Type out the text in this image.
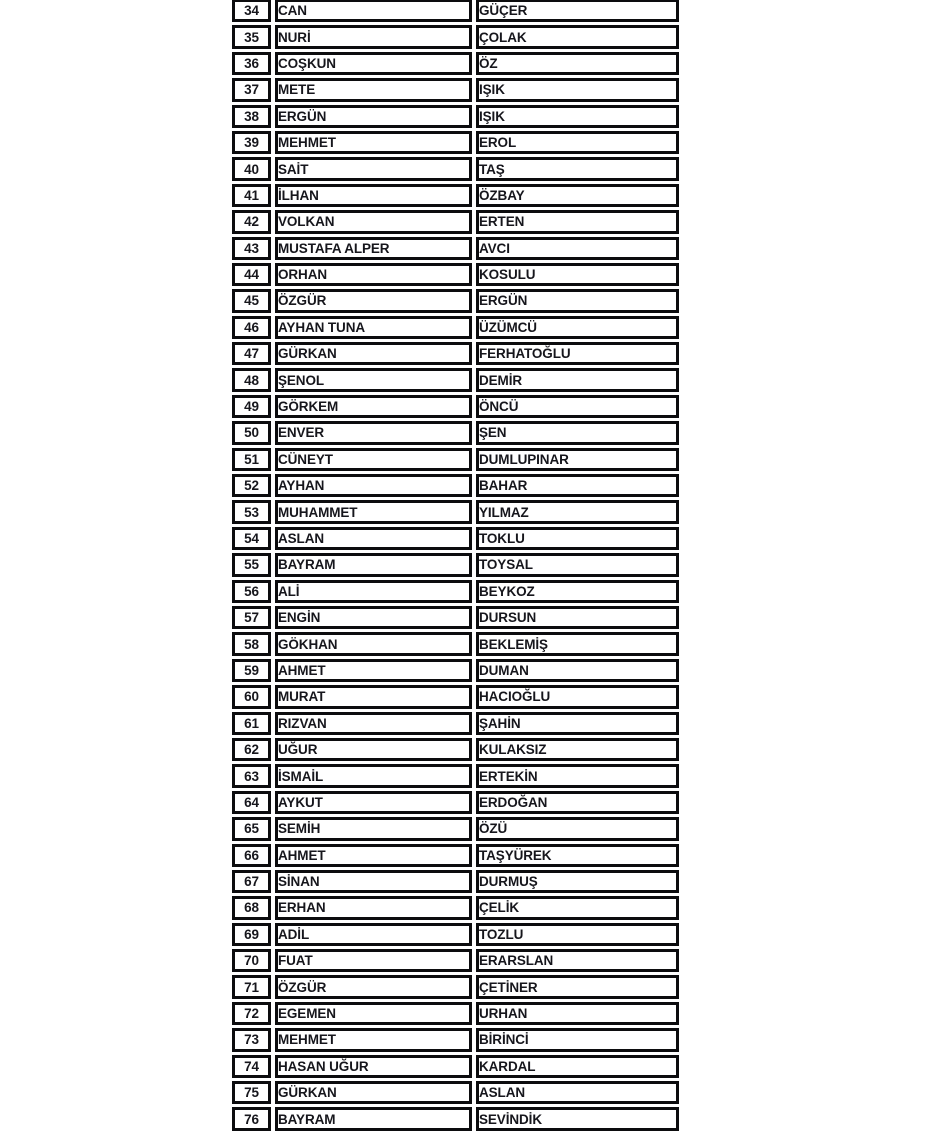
34	CAN	GÜÇER
35	NURİ	ÇOLAK
36	COŞKUN	ÖZ
37	METE	IŞIK
38	ERGÜN	IŞIK
39	MEHMET	EROL
40	SAİT	TAŞ
41	İLHAN	ÖZBAY
42	VOLKAN	ERTEN
43	MUSTAFA ALPER	AVCI
44	ORHAN	KOSULU
45	ÖZGÜR	ERGÜN
46	AYHAN TUNA	ÜZÜMCÜ
47	GÜRKAN	FERHATOĞLU
48	ŞENOL	DEMİR
49	GÖRKEM	ÖNCÜ
50	ENVER	ŞEN
51	CÜNEYT	DUMLUPINAR
52	AYHAN	BAHAR
53	MUHAMMET	YILMAZ
54	ASLAN	TOKLU
55	BAYRAM	TOYSAL
56	ALİ	BEYKOZ
57	ENGİN	DURSUN
58	GÖKHAN	BEKLEMİŞ
59	AHMET	DUMAN
60	MURAT	HACIOĞLU
61	RIZVAN	ŞAHİN
62	UĞUR	KULAKSIZ
63	İSMAİL	ERTEKİN
64	AYKUT	ERDOĞAN
65	SEMİH	ÖZÜ
66	AHMET	TAŞYÜREK
67	SİNAN	DURMUŞ
68	ERHAN	ÇELİK
69	ADİL	TOZLU
70	FUAT	ERARSLAN
71	ÖZGÜR	ÇETİNER
72	EGEMEN	URHAN
73	MEHMET	BİRİNCİ
74	HASAN UĞUR	KARDAL
75	GÜRKAN	ASLAN
76	BAYRAM	SEVİNDİK
